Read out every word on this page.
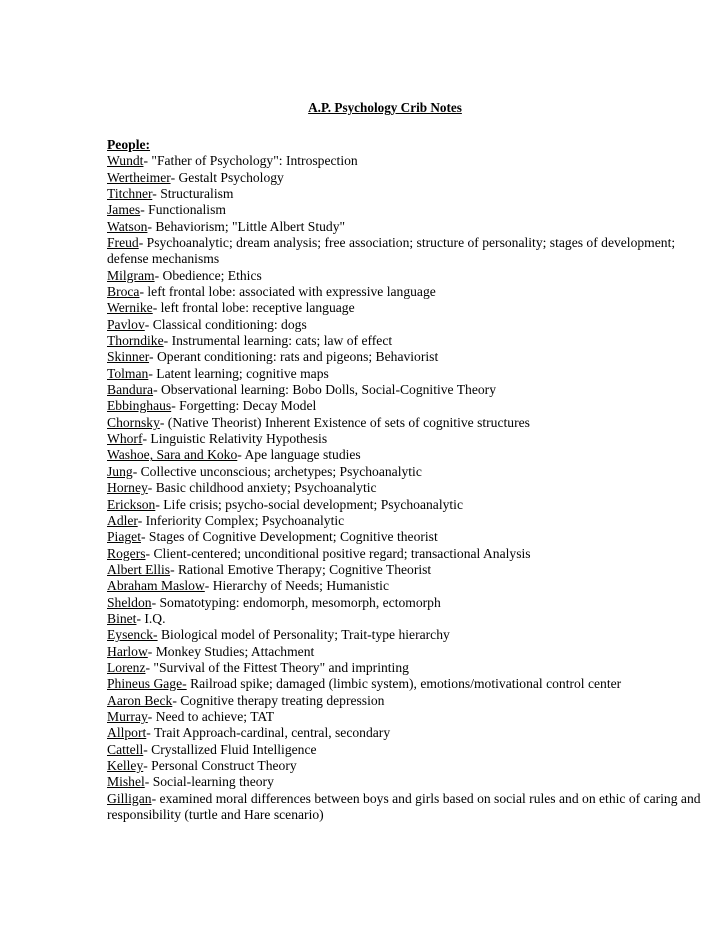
A.P. Psychology Crib Notes
People:
Wundt- "Father of Psychology": Introspection
Wertheimer- Gestalt Psychology
Titchner- Structuralism
James- Functionalism
Watson- Behaviorism; "Little Albert Study"
Freud- Psychoanalytic; dream analysis; free association; structure of personality; stages of development; defense mechanisms
Milgram- Obedience; Ethics
Broca- left frontal lobe: associated with expressive language
Wernike- left frontal lobe: receptive language
Pavlov- Classical conditioning: dogs
Thorndike- Instrumental learning: cats; law of effect
Skinner- Operant conditioning: rats and pigeons; Behaviorist
Tolman- Latent learning; cognitive maps
Bandura- Observational learning: Bobo Dolls, Social-Cognitive Theory
Ebbinghaus- Forgetting: Decay Model
Chornsky- (Native Theorist) Inherent Existence of sets of cognitive structures
Whorf- Linguistic Relativity Hypothesis
Washoe, Sara and Koko- Ape language studies
Jung- Collective unconscious; archetypes; Psychoanalytic
Horney- Basic childhood anxiety; Psychoanalytic
Erickson- Life crisis; psycho-social development; Psychoanalytic
Adler- Inferiority Complex; Psychoanalytic
Piaget- Stages of Cognitive Development; Cognitive theorist
Rogers- Client-centered; unconditional positive regard; transactional Analysis
Albert Ellis- Rational Emotive Therapy; Cognitive Theorist
Abraham Maslow- Hierarchy of Needs; Humanistic
Sheldon- Somatotyping: endomorph, mesomorph, ectomorph
Binet- I.Q.
Eysenck- Biological model of Personality; Trait-type hierarchy
Harlow- Monkey Studies; Attachment
Lorenz- "Survival of the Fittest Theory" and imprinting
Phineus Gage- Railroad spike; damaged (limbic system), emotions/motivational control center
Aaron Beck- Cognitive therapy treating depression
Murray- Need to achieve; TAT
Allport- Trait Approach-cardinal, central, secondary
Cattell- Crystallized Fluid Intelligence
Kelley- Personal Construct Theory
Mishel- Social-learning theory
Gilligan- examined moral differences between boys and girls based on social rules and on ethic of caring and responsibility (turtle and Hare scenario)
